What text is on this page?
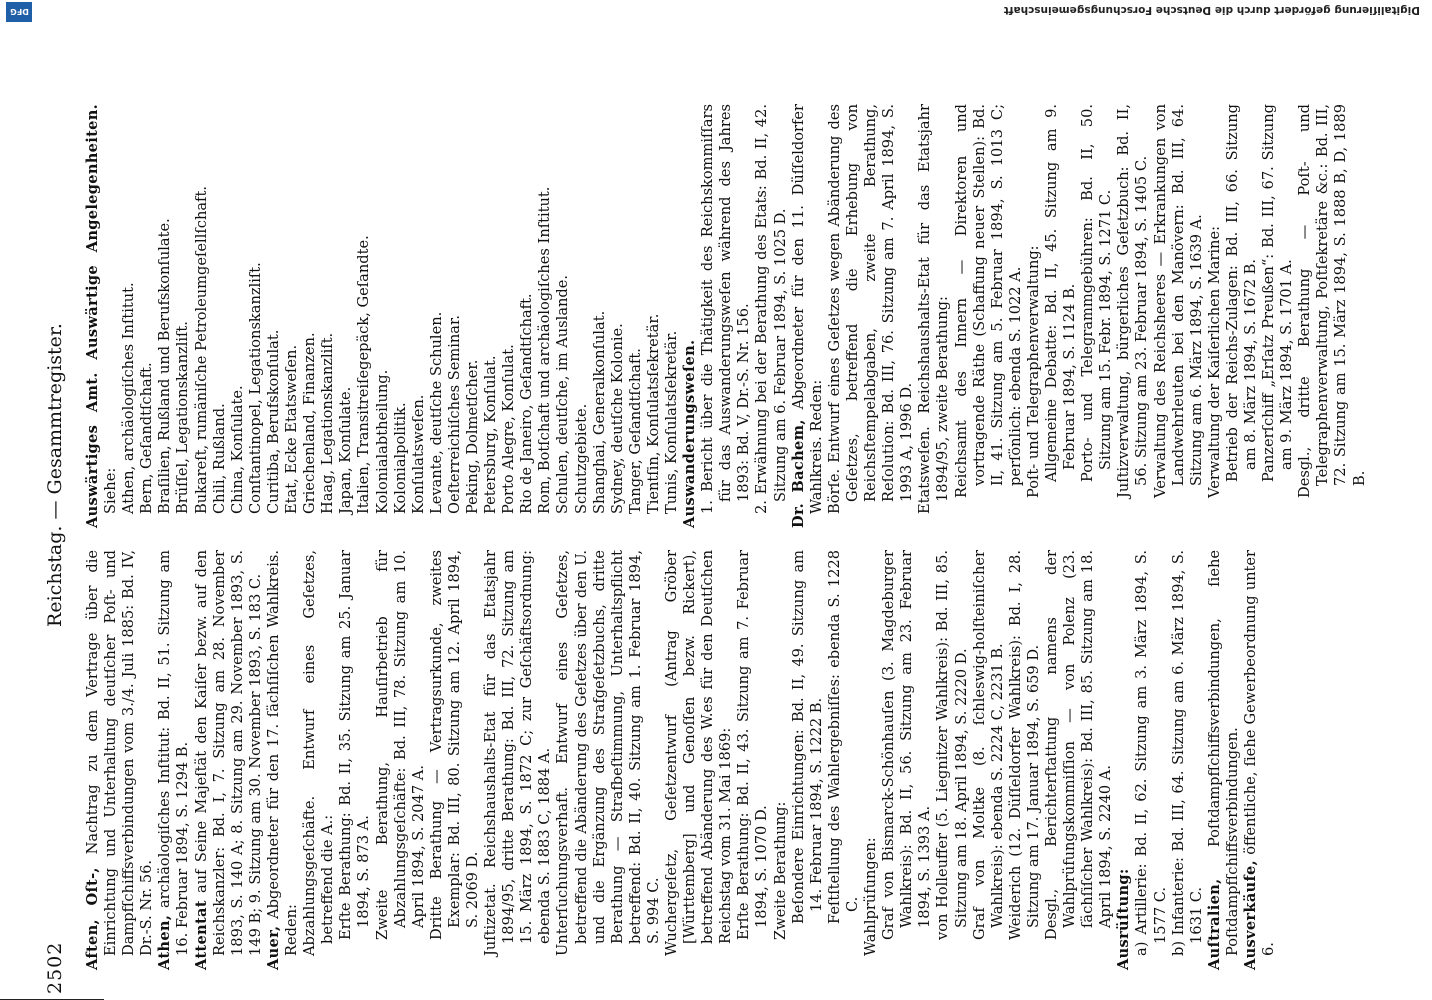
2502
Reichstag. — Gesammtregister.

Aften, Oſt-, Nachtrag zu dem Vertrage über die Einrichtung und Unterhaltung deutſcher Poſt- und Dampfſchiffsverbindungen vom 3./4. Juli 1885: Bd. IV, Dr.-S. Nr. 56. Athen, archäologiſches Inſtitut: Bd. II, 51. Sitzung am 16. Februar 1894, S. 1294 B. Attentat auf Seine Majeſtät den Kaiſer bezw. auf den Reichskanzler: Bd. I, 7. Sitzung am 28. November 1893, S. 140 A; 8. Sitzung am 29. November 1893, S. 149 B; 9. Sitzung am 30. November 1893, S. 183 C. Auer, Abgeordneter für den 17. ſächſiſchen Wahlkreis. Reden: Abzahlungsgeſchäfte. Entwurf eines Geſetzes, betreffend die A.: Erſte Berathung: Bd. II, 35. Sitzung am 25. Januar 1894, S. 873 A. Zweite Berathung, Hauſirbetrieb für Abzahlungsgeſchäfte: Bd. III, 78. Sitzung am 10. April 1894, S. 2047 A. Dritte Berathung — Vertragsurkunde, zweites Exemplar: Bd. III, 80. Sitzung am 12. April 1894, S. 2069 D. Juſtizetat. Reichshaushalts-Etat für das Etatsjahr 1894/95, dritte Berathung: Bd. III, 72. Sitzung am 15. März 1894, S. 1872 C; zur Geſchäftsordnung: ebenda S. 1883 C, 1884 A. Unterſuchungsverhaft. Entwurf eines Geſetzes, betreffend die Abänderung des Geſetzes über den U. und die Ergänzung des Strafgeſetzbuchs, dritte Berathung — Strafbeſtimmung, Unterhaltspflicht betreffend: Bd. II, 40. Sitzung am 1. Februar 1894, S. 994 C. Wuchergeſetz, Geſetzentwurf (Antrag Gröber [Württemberg] und Genoſſen bezw. Rickert), betreffend Abänderung des W.es für den Deutſchen Reichstag vom 31. Mai 1869: Erſte Berathung: Bd. II, 43. Sitzung am 7. Februar 1894, S. 1070 D. Zweite Berathung: Beſondere Einrichtungen: Bd. II, 49. Sitzung am 14. Februar 1894, S. 1222 B. Feſtſtellung des Wahlergebniſſes: ebenda S. 1228 C. Wahlprüfungen: Graf von Bismarck-Schönhauſen (3. Magdeburger Wahlkreis): Bd. II, 56. Sitzung am 23. Februar 1894, S. 1393 A. von Holleuffer (5. Liegnitzer Wahlkreis): Bd. III, 85. Sitzung am 18. April 1894, S. 2220 D. Graf von Moltke (8. ſchleswig-holſteiniſcher Wahlkreis): ebenda S. 2224 C, 2231 B. Weiderich (12. Düſſeldorfer Wahlkreis): Bd. I, 28. Sitzung am 17. Januar 1894, S. 659 D. Desgl., Berichterſtattung namens der Wahlprüfungskommiſſion — von Polenz (23. ſächſiſcher Wahlkreis): Bd. III, 85. Sitzung am 18. April 1894, S. 2240 A. Ausrüſtung: a) Artillerie: Bd. II, 62. Sitzung am 3. März 1894, S. 1577 C. b) Infanterie: Bd. III, 64. Sitzung am 6. März 1894, S. 1631 C. Auſtralien, Poſtdampfſchiffsverbindungen, ſiehe Poſtdampfſchiffsverbindungen. Ausverkäufe, öffentliche, ſiehe Gewerbeordnung unter 6.

Auswärtiges Amt. Auswärtige Angelegenheiten. Siehe: Athen, archäologiſches Inſtitut. Bern, Geſandtſchaft. Braſilien, Rußland und Berufskonſulate. Brüſſel, Legationskanzliſt. Bukareſt, rumäniſche Petroleumgeſellſchaft. Chili, Rußland. China, Konſulate. Conſtantinopel, Legationskanzliſt. Curitiba, Berufskonſulat. Etat, Ecke Etatsweſen. Griechenland, Finanzen. Haag, Legationskanzliſt. Japan, Konſulate. Italien, Transitreiſegepäck, Geſandte. Kolonialabtheilung. Kolonialpolitik. Konſulatsweſen. Levante, deutſche Schulen. Oeſterreichiſches Seminar. Peking, Dolmetſcher. Petersburg, Konſulat. Porto Alegre, Konſulat. Rio de Janeiro, Geſandtſchaft. Rom, Botſchaft und archäologiſches Inſtitut. Schulen, deutſche, im Auslande. Schutzgebiete. Shanghai, Generalkonſulat. Sydney, deutſche Kolonie. Tanger, Geſandtſchaft. Tientſin, Konſulatsſekretär. Tunis, Konſulatsſekretär. Auswanderungsweſen. 1. Bericht über die Thätigkeit des Reichskommiſſars für das Auswanderungsweſen während des Jahres 1893: Bd. V, Dr.-S. Nr. 156. 2. Erwähnung bei der Berathung des Etats: Bd. II, 42. Sitzung am 6. Februar 1894, S. 1025 D. Dr. Bachem, Abgeordneter für den 11. Düſſeldorfer Wahlkreis. Reden: Börſe. Entwurf eines Geſetzes wegen Abänderung des Geſetzes, betreffend die Erhebung von Reichsſtempelabgaben, zweite Berathung, Reſolution: Bd. III, 76. Sitzung am 7. April 1894, S. 1993 A, 1996 D. Etatsweſen. Reichshaushalts-Etat für das Etatsjahr 1894/95, zweite Berathung: Reichsamt des Innern — Direktoren und vortragende Räthe (Schaffung neuer Stellen): Bd. II, 41. Sitzung am 5. Februar 1894, S. 1013 C; perſönlich: ebenda S. 1022 A. Poſt- und Telegraphenverwaltung: Allgemeine Debatte: Bd. II, 45. Sitzung am 9. Februar 1894, S. 1124 B. Porto- und Telegrammgebühren: Bd. II, 50. Sitzung am 15. Febr. 1894, S. 1271 C. Juſtizverwaltung, bürgerliches Geſetzbuch: Bd. II, 56. Sitzung am 23. Februar 1894, S. 1405 C. Verwaltung des Reichsheeres — Erkrankungen von Landwehrleuten bei den Manövern: Bd. III, 64. Sitzung am 6. März 1894, S. 1639 A. Verwaltung der Kaiſerlichen Marine: Betrieb der Reichs-Zulagen: Bd. III, 66. Sitzung am 8. März 1894, S. 1672 B. Panzerſchiff „Erſatz Preußen“: Bd. III, 67. Sitzung am 9. März 1894, S. 1701 A. Desgl., dritte Berathung — Poſt- und Telegraphenverwaltung, Poſtſekretäre &c.: Bd. III, 72. Sitzung am 15. März 1894, S. 1888 B, D, 1889 B.

DFG	Digitaliſierung gefördert durch die Deutsche Forschungsgemeinschaft
